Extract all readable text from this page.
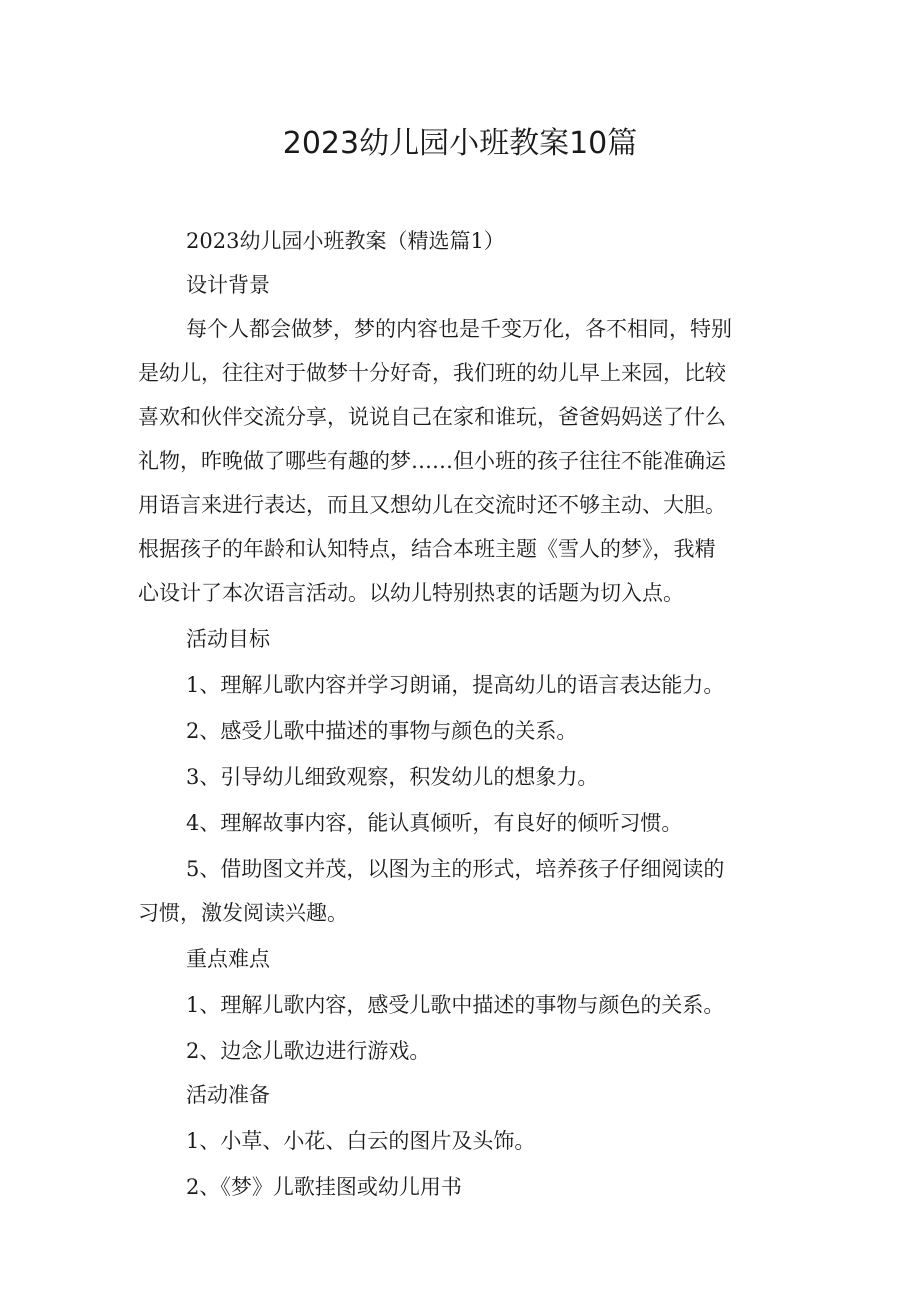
2023幼儿园小班教案10篇
2023幼儿园小班教案（精选篇1）
设计背景
每个人都会做梦，梦的内容也是千变万化，各不相同，特别
是幼儿，往往对于做梦十分好奇，我们班的幼儿早上来园，比较
喜欢和伙伴交流分享，说说自己在家和谁玩，爸爸妈妈送了什么
礼物，昨晚做了哪些有趣的梦……但小班的孩子往往不能准确运
用语言来进行表达，而且又想幼儿在交流时还不够主动、大胆。
根据孩子的年龄和认知特点，结合本班主题《雪人的梦》，我精
心设计了本次语言活动。以幼儿特别热衷的话题为切入点。
活动目标
1、理解儿歌内容并学习朗诵，提高幼儿的语言表达能力。
2、感受儿歌中描述的事物与颜色的关系。
3、引导幼儿细致观察，积发幼儿的想象力。
4、理解故事内容，能认真倾听，有良好的倾听习惯。
5、借助图文并茂，以图为主的形式，培养孩子仔细阅读的
习惯，激发阅读兴趣。
重点难点
1、理解儿歌内容，感受儿歌中描述的事物与颜色的关系。
2、边念儿歌边进行游戏。
活动准备
1、小草、小花、白云的图片及头饰。
2、《梦》儿歌挂图或幼儿用书
